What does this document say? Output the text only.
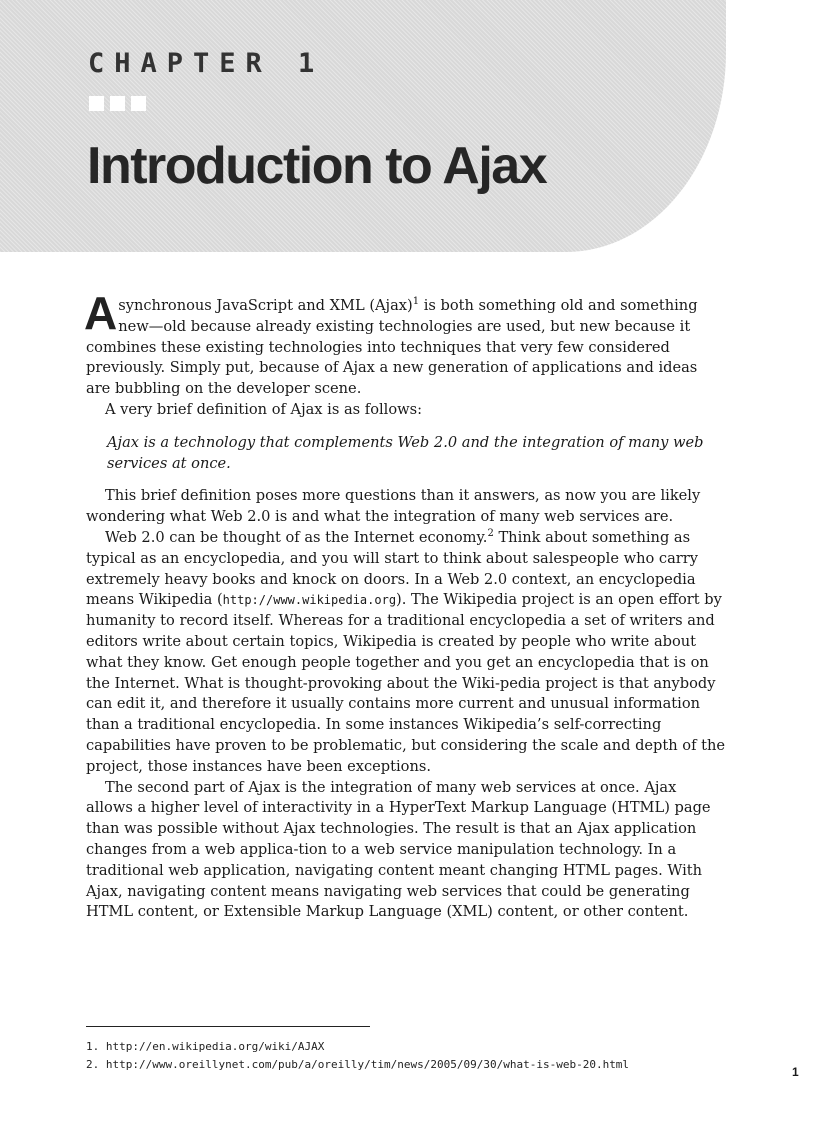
CHAPTER 1

Introduction to Ajax

Asynchronous JavaScript and XML (Ajax)$^1$ is both something old and something new—old because already existing technologies are used, but new because it combines these existing technologies into techniques that very few considered previously. Simply put, because of Ajax a new generation of applications and ideas are bubbling on the developer scene.

A very brief definition of Ajax is as follows:

Ajax is a technology that complements Web 2.0 and the integration of many web services at once.

This brief definition poses more questions than it answers, as now you are likely wondering what Web 2.0 is and what the integration of many web services are.

Web 2.0 can be thought of as the Internet economy.$^2$ Think about something as typical as an encyclopedia, and you will start to think about salespeople who carry extremely heavy books and knock on doors. In a Web 2.0 context, an encyclopedia means Wikipedia (http://www.wikipedia.org). The Wikipedia project is an open effort by humanity to record itself. Whereas for a traditional encyclopedia a set of writers and editors write about certain topics, Wikipedia is created by people who write about what they know. Get enough people together and you get an encyclopedia that is on the Internet. What is thought-provoking about the Wiki-pedia project is that anybody can edit it, and therefore it usually contains more current and unusual information than a traditional encyclopedia. In some instances Wikipedia’s self-correcting capabilities have proven to be problematic, but considering the scale and depth of the project, those instances have been exceptions.

The second part of Ajax is the integration of many web services at once. Ajax allows a higher level of interactivity in a HyperText Markup Language (HTML) page than was possible without Ajax technologies. The result is that an Ajax application changes from a web applica-tion to a web service manipulation technology. In a traditional web application, navigating content meant changing HTML pages. With Ajax, navigating content means navigating web services that could be generating HTML content, or Extensible Markup Language (XML) content, or other content.

1. http://en.wikipedia.org/wiki/AJAX
2. http://www.oreillynet.com/pub/a/oreilly/tim/news/2005/09/30/what-is-web-20.html
1
